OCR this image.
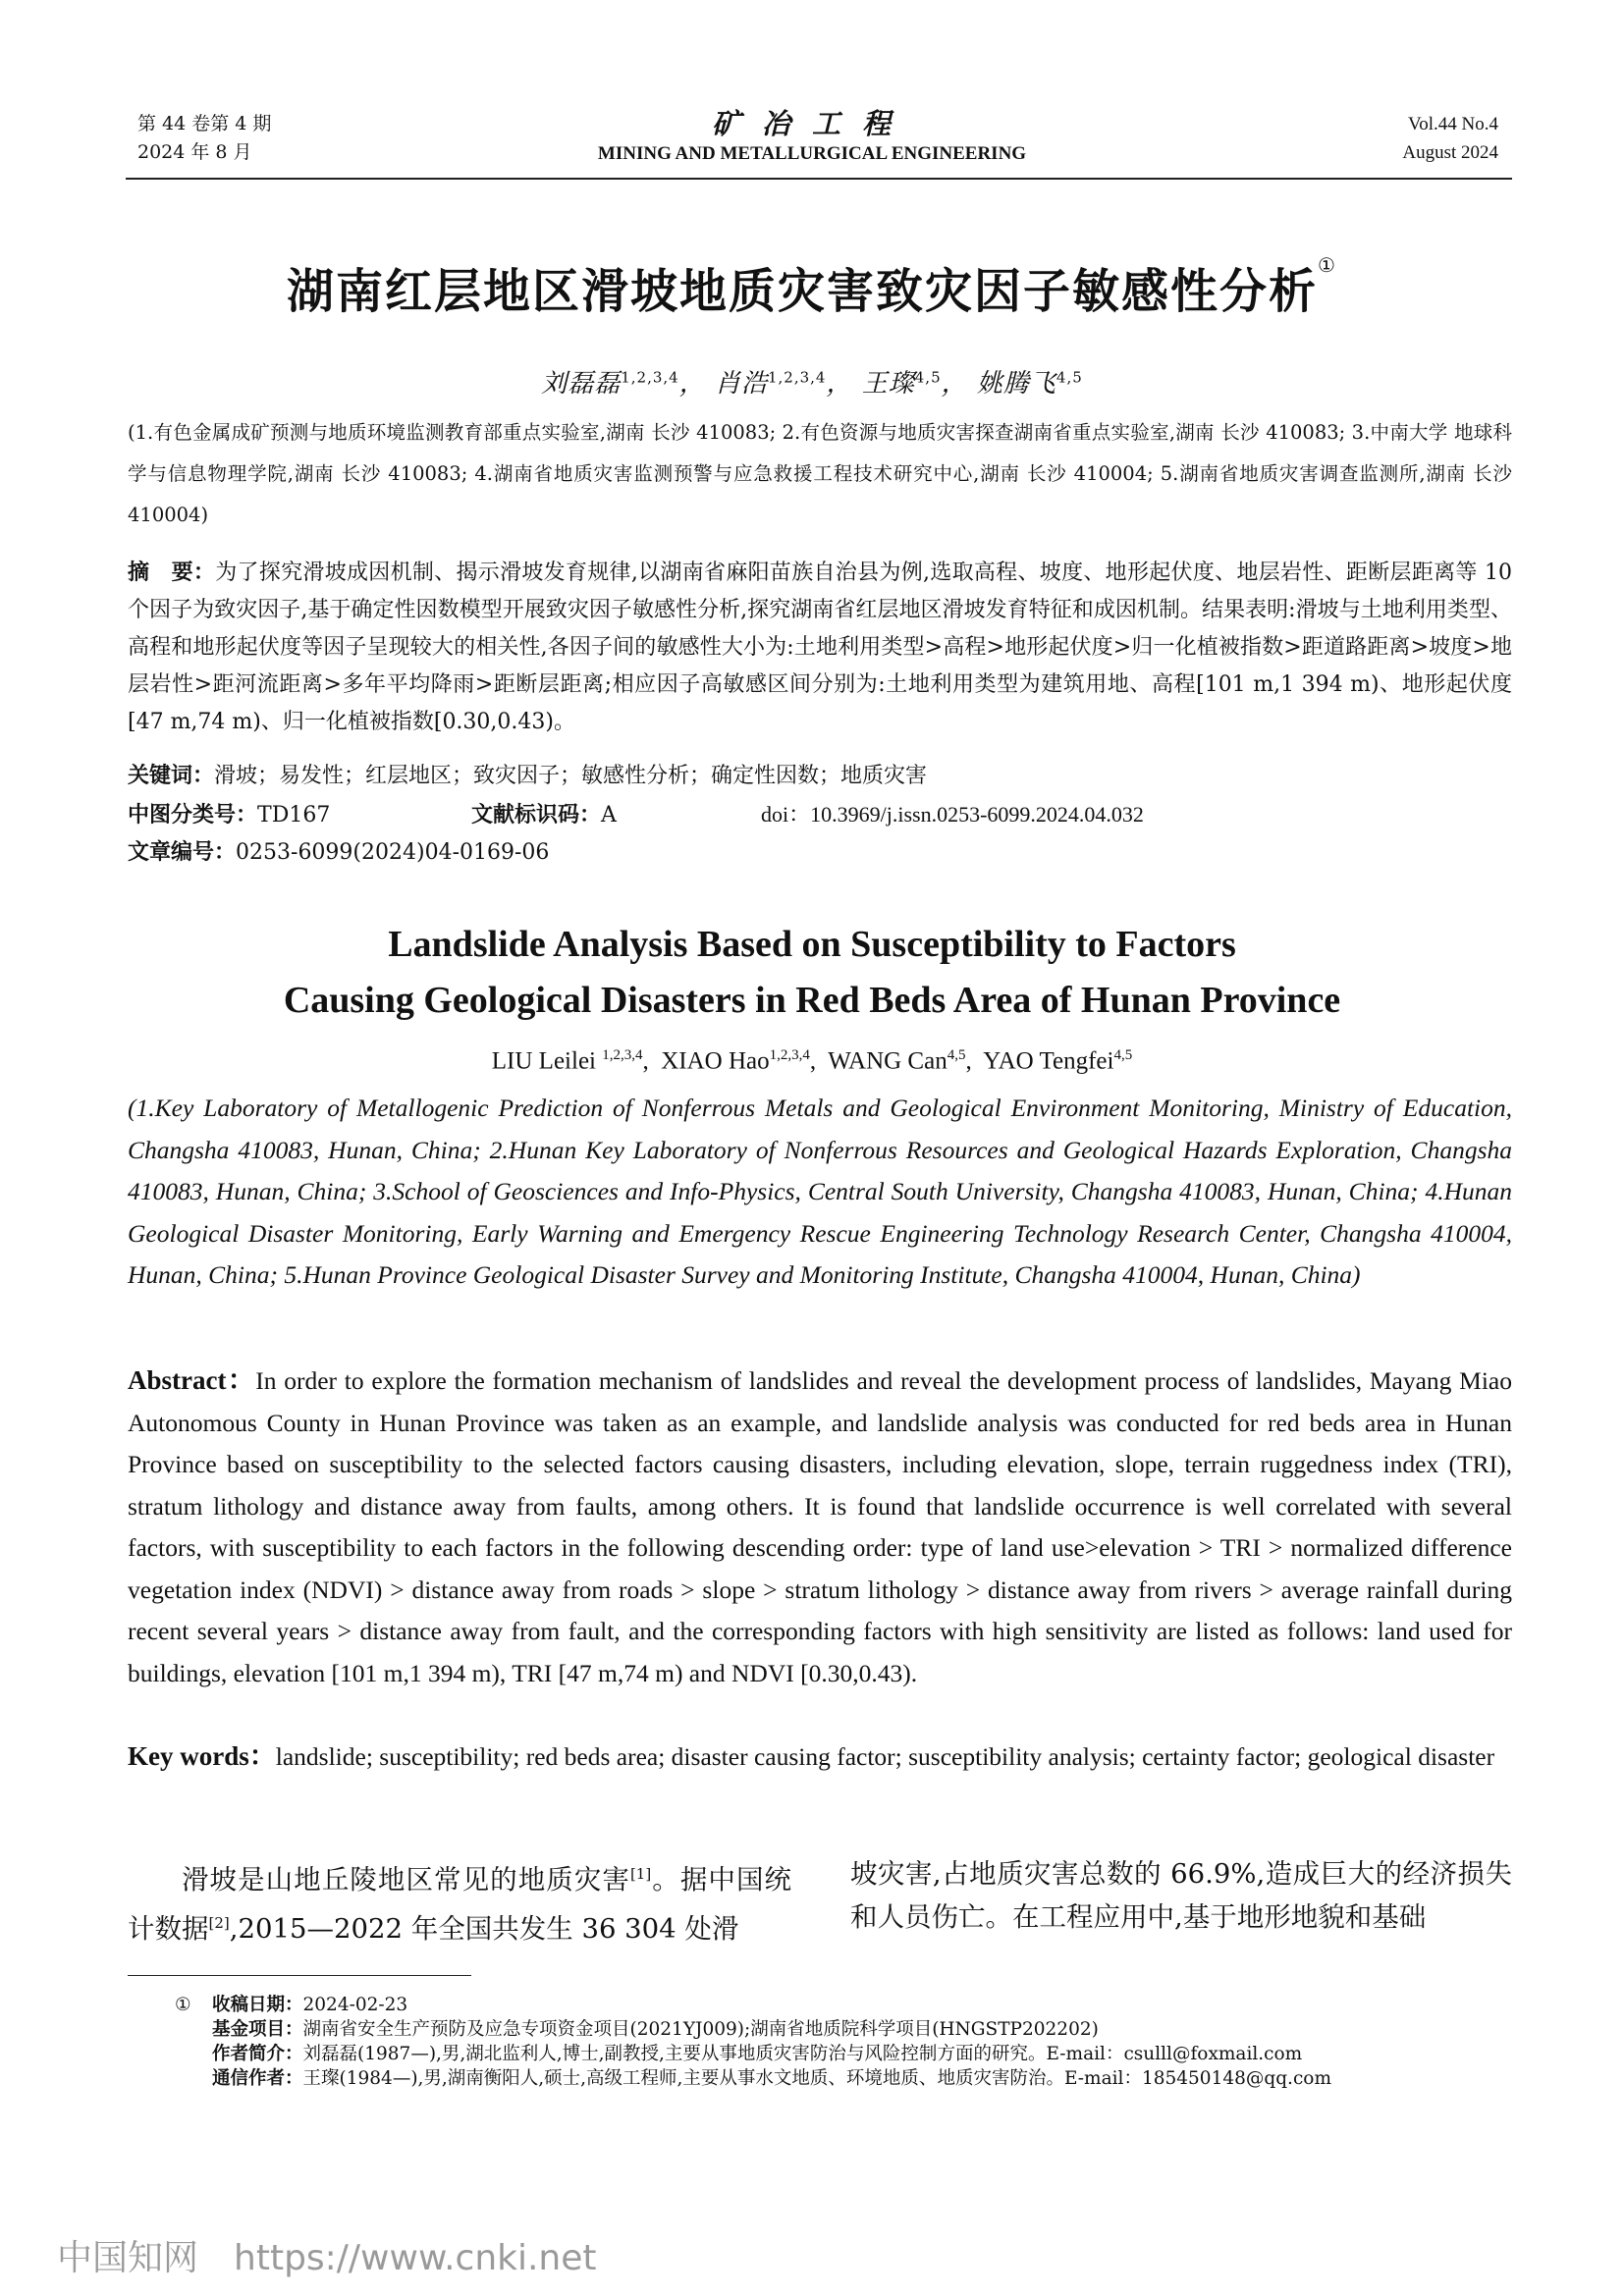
第 44 卷第 4 期
2024 年 8 月
矿冶工程
MINING AND METALLURGICAL ENGINEERING
Vol.44 No.4
August 2024
湖南红层地区滑坡地质灾害致灾因子敏感性分析①
刘磊磊$^{1,2,3,4}$， 肖浩$^{1,2,3,4}$， 王璨$^{4,5}$， 姚腾飞$^{4,5}$
(1.有色金属成矿预测与地质环境监测教育部重点实验室,湖南 长沙 410083; 2.有色资源与地质灾害探查湖南省重点实验室,湖南 长沙 410083; 3.中南大学 地球科学与信息物理学院,湖南 长沙 410083; 4.湖南省地质灾害监测预警与应急救援工程技术研究中心,湖南 长沙 410004; 5.湖南省地质灾害调查监测所,湖南 长沙 410004)
摘　要：为了探究滑坡成因机制、揭示滑坡发育规律,以湖南省麻阳苗族自治县为例,选取高程、坡度、地形起伏度、地层岩性、距断层距离等 10 个因子为致灾因子,基于确定性因数模型开展致灾因子敏感性分析,探究湖南省红层地区滑坡发育特征和成因机制。结果表明:滑坡与土地利用类型、高程和地形起伏度等因子呈现较大的相关性,各因子间的敏感性大小为:土地利用类型>高程>地形起伏度>归一化植被指数>距道路距离>坡度>地层岩性>距河流距离>多年平均降雨>距断层距离;相应因子高敏感区间分别为:土地利用类型为建筑用地、高程[101 m,1 394 m)、地形起伏度[47 m,74 m)、归一化植被指数[0.30,0.43)。
关键词：滑坡；易发性；红层地区；致灾因子；敏感性分析；确定性因数；地质灾害
中图分类号：TD167	文献标识码：A	doi：10.3969/j.issn.0253-6099.2024.04.032
文章编号：0253-6099(2024)04-0169-06
Landslide Analysis Based on Susceptibility to Factors
Causing Geological Disasters in Red Beds Area of Hunan Province
LIU Leilei $^{1,2,3,4}$,  XIAO Hao$^{1,2,3,4}$,  WANG Can$^{4,5}$,  YAO Tengfei$^{4,5}$
(1.Key Laboratory of Metallogenic Prediction of Nonferrous Metals and Geological Environment Monitoring, Ministry of Education, Changsha 410083, Hunan, China; 2.Hunan Key Laboratory of Nonferrous Resources and Geological Hazards Exploration, Changsha 410083, Hunan, China; 3.School of Geosciences and Info-Physics, Central South University, Changsha 410083, Hunan, China; 4.Hunan Geological Disaster Monitoring, Early Warning and Emergency Rescue Engineering Technology Research Center, Changsha 410004, Hunan, China; 5.Hunan Province Geological Disaster Survey and Monitoring Institute, Changsha 410004, Hunan, China)
Abstract：In order to explore the formation mechanism of landslides and reveal the development process of landslides, Mayang Miao Autonomous County in Hunan Province was taken as an example, and landslide analysis was conducted for red beds area in Hunan Province based on susceptibility to the selected factors causing disasters, including elevation, slope, terrain ruggedness index (TRI), stratum lithology and distance away from faults, among others. It is found that landslide occurrence is well correlated with several factors, with susceptibility to each factors in the following descending order: type of land use>elevation > TRI > normalized difference vegetation index (NDVI) > distance away from roads > slope > stratum lithology > distance away from rivers > average rainfall during recent several years > distance away from fault, and the corresponding factors with high sensitivity are listed as follows: land used for buildings, elevation [101 m,1 394 m), TRI [47 m,74 m) and NDVI [0.30,0.43).
Key words：landslide; susceptibility; red beds area; disaster causing factor; susceptibility analysis; certainty factor; geological disaster
滑坡是山地丘陵地区常见的地质灾害[1]。据中国统计数据[2],2015—2022 年全国共发生 36 304 处滑
坡灾害,占地质灾害总数的 66.9%,造成巨大的经济损失和人员伤亡。在工程应用中,基于地形地貌和基础
① 收稿日期：2024-02-23
基金项目：湖南省安全生产预防及应急专项资金项目(2021YJ009);湖南省地质院科学项目(HNGSTP202202)
作者简介：刘磊磊(1987—),男,湖北监利人,博士,副教授,主要从事地质灾害防治与风险控制方面的研究。E-mail：csulll@foxmail.com
通信作者：王璨(1984—),男,湖南衡阳人,硕士,高级工程师,主要从事水文地质、环境地质、地质灾害防治。E-mail：185450148@qq.com
中国知网 https://www.cnki.net
